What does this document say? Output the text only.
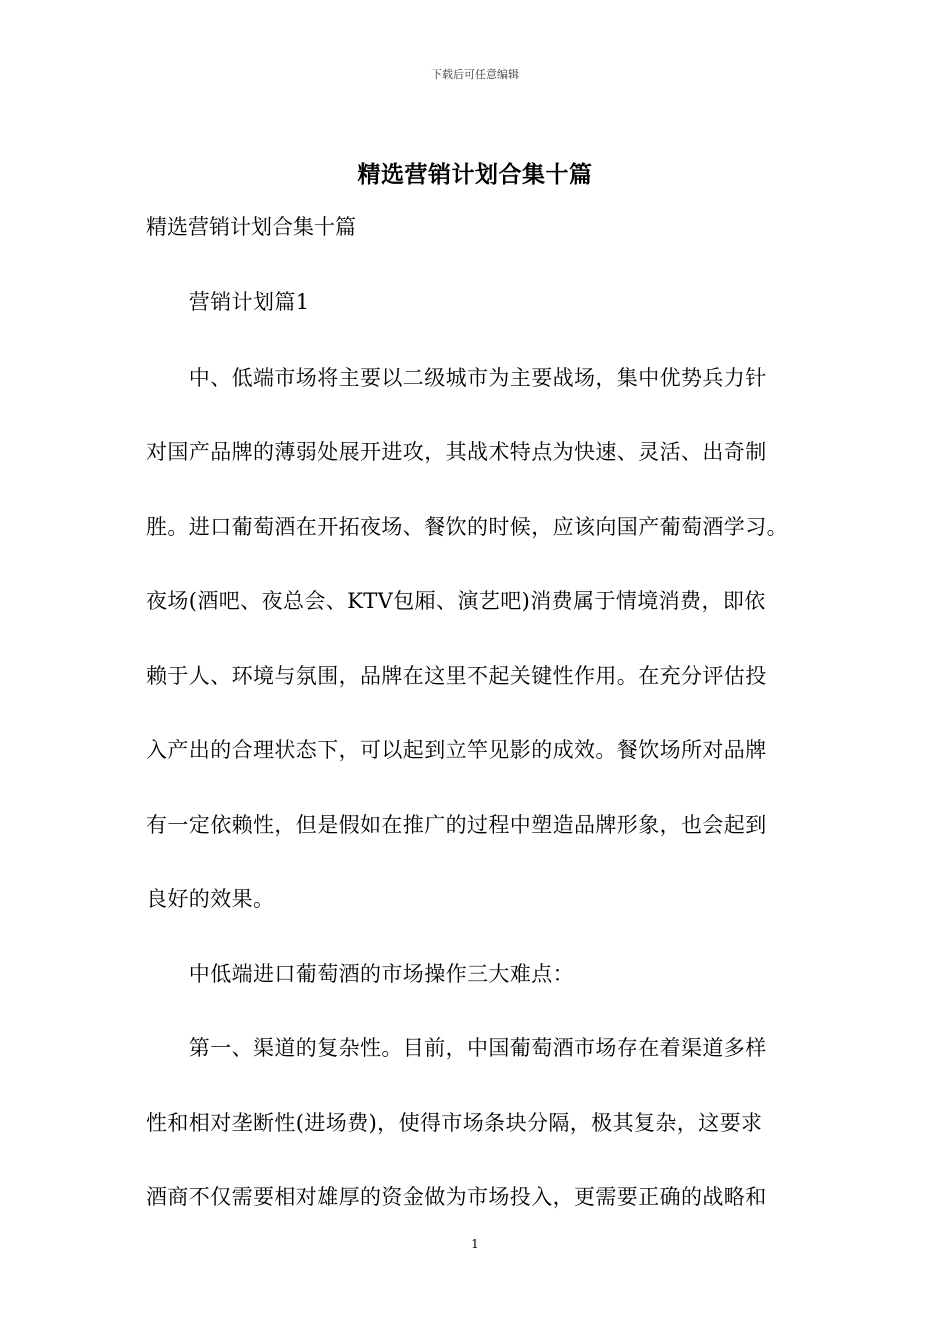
下载后可任意编辑
精选营销计划合集十篇
精选营销计划合集十篇
　　营销计划篇1
　　中、低端市场将主要以二级城市为主要战场，集中优势兵力针
对国产品牌的薄弱处展开进攻，其战术特点为快速、灵活、出奇制
胜。进口葡萄酒在开拓夜场、餐饮的时候，应该向国产葡萄酒学习。
夜场(酒吧、夜总会、KTV包厢、演艺吧)消费属于情境消费，即依
赖于人、环境与氛围，品牌在这里不起关键性作用。在充分评估投
入产出的合理状态下，可以起到立竿见影的成效。餐饮场所对品牌
有一定依赖性，但是假如在推广的过程中塑造品牌形象，也会起到
良好的效果。
　　中低端进口葡萄酒的市场操作三大难点：
　　第一、渠道的复杂性。目前，中国葡萄酒市场存在着渠道多样
性和相对垄断性(进场费)，使得市场条块分隔，极其复杂，这要求
酒商不仅需要相对雄厚的资金做为市场投入，更需要正确的战略和
1
